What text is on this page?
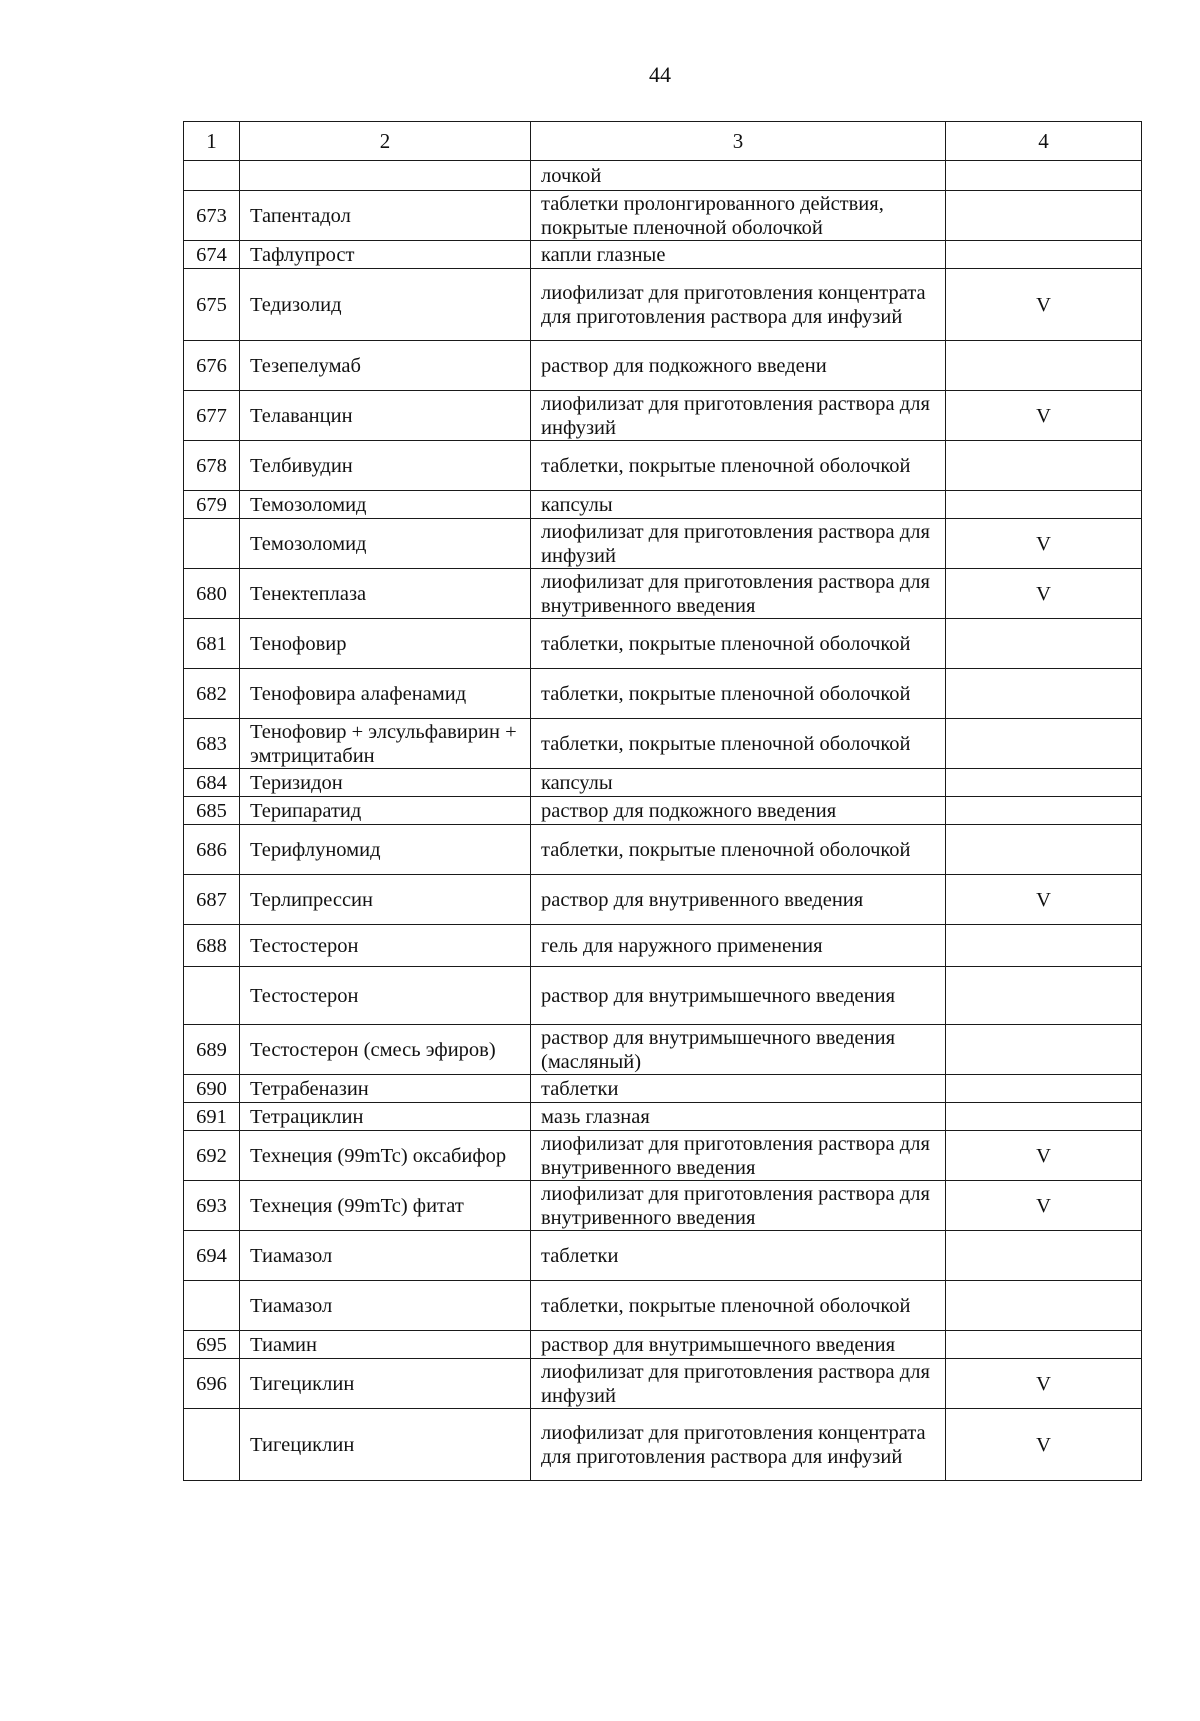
44
1	2	3	4
		лочкой	
673	Тапентадол	таблетки пролонгированного действия, покрытые пленочной оболочкой	
674	Тафлупрост	капли глазные	
675	Тедизолид	лиофилизат для приготовления концентрата для приготовления раствора для инфузий	V
676	Тезепелумаб	раствор для подкожного введени	
677	Телаванцин	лиофилизат для приготовления раствора для инфузий	V
678	Телбивудин	таблетки, покрытые пленочной оболочкой	
679	Темозоломид	капсулы	
	Темозоломид	лиофилизат для приготовления раствора для инфузий	V
680	Тенектеплаза	лиофилизат для приготовления раствора для внутривенного введения	V
681	Тенофовир	таблетки, покрытые пленочной оболочкой	
682	Тенофовира алафенамид	таблетки, покрытые пленочной оболочкой	
683	Тенофовир + элсульфавирин + эмтрицитабин	таблетки, покрытые пленочной оболочкой	
684	Теризидон	капсулы	
685	Терипаратид	раствор для подкожного введения	
686	Терифлуномид	таблетки, покрытые пленочной оболочкой	
687	Терлипрессин	раствор для внутривенного введения	V
688	Тестостерон	гель для наружного применения	
	Тестостерон	раствор для внутримышечного введения	
689	Тестостерон (смесь эфиров)	раствор для внутримышечного введения (масляный)	
690	Тетрабеназин	таблетки	
691	Тетрациклин	мазь глазная	
692	Технеция (99mTc) оксабифор	лиофилизат для приготовления раствора для внутривенного введения	V
693	Технеция (99mTc) фитат	лиофилизат для приготовления раствора для внутривенного введения	V
694	Тиамазол	таблетки	
	Тиамазол	таблетки, покрытые пленочной оболочкой	
695	Тиамин	раствор для внутримышечного введения	
696	Тигециклин	лиофилизат для приготовления раствора для инфузий	V
	Тигециклин	лиофилизат для приготовления концентрата для приготовления раствора для инфузий	V
